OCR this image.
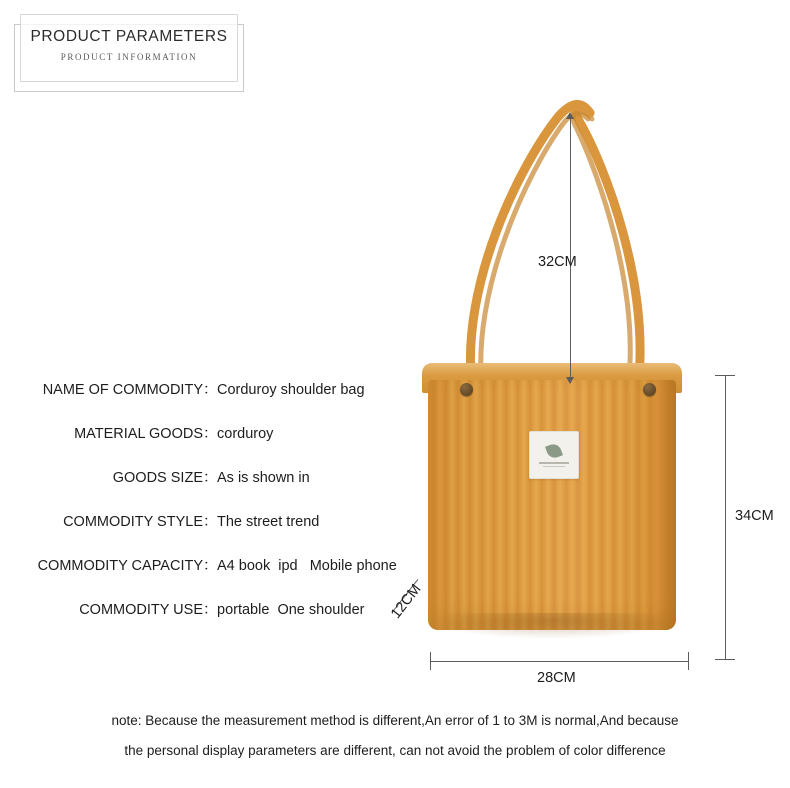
PRODUCT PARAMETERS
PRODUCT INFORMATION
NAME OF COMMODITY ： Corduroy shoulder bag
MATERIAL GOODS ： corduroy
GOODS SIZE ： As is shown in
COMMODITY STYLE ： The street trend
COMMODITY CAPACITY ： A4 book  ipd   Mobile phone
COMMODITY USE ： portable  One shoulder
32CM
34CM
28CM
12CM
note: Because the measurement method is different,An error of 1 to 3M is normal,And because
the personal display parameters are different, can not avoid the problem of color difference
